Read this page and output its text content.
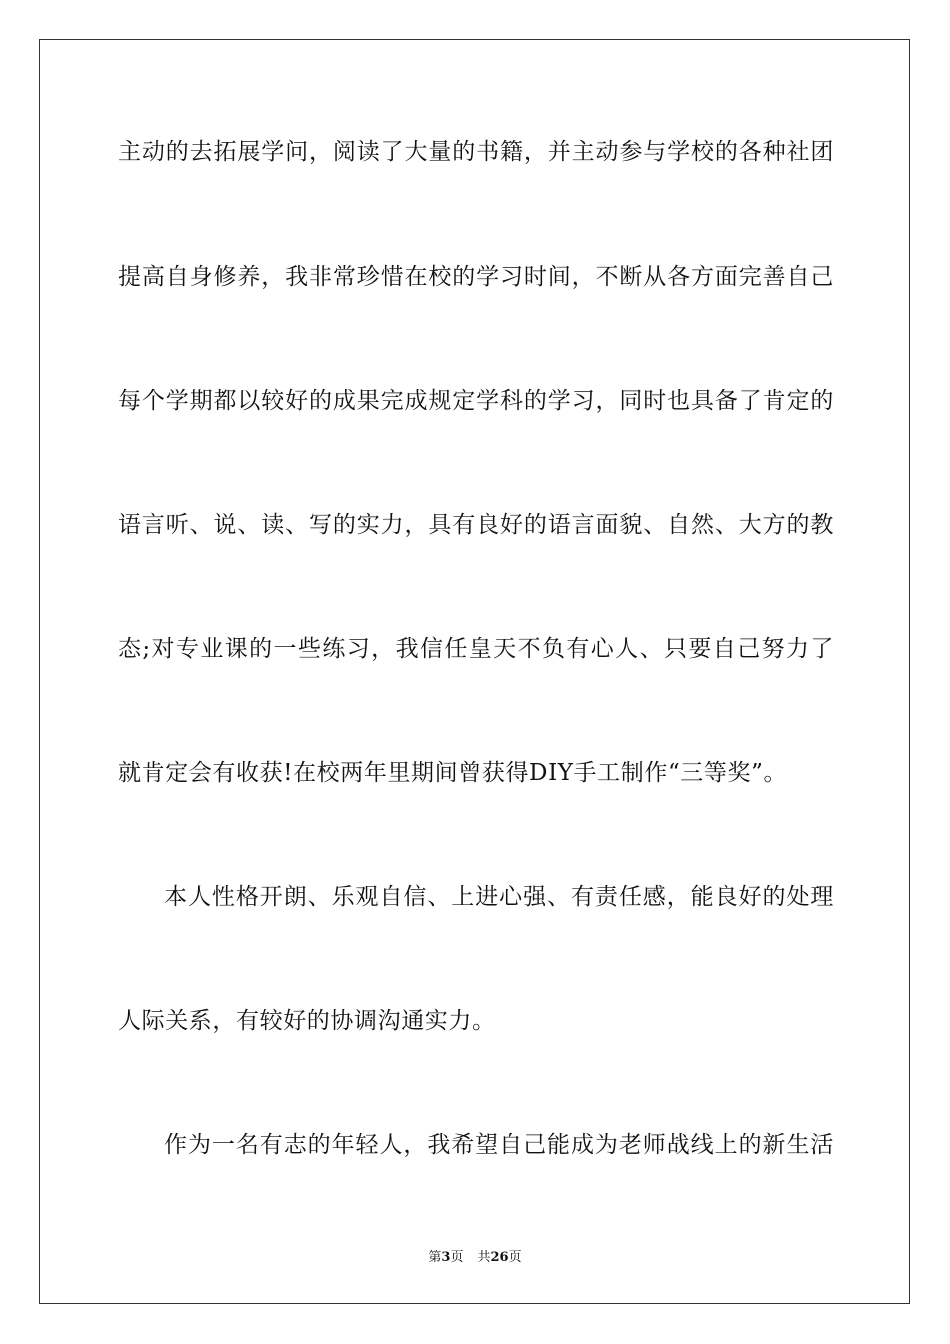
主动的去拓展学问，阅读了大量的书籍，并主动参与学校的各种社团
提高自身修养，我非常珍惜在校的学习时间，不断从各方面完善自己
每个学期都以较好的成果完成规定学科的学习，同时也具备了肯定的
语言听、说、读、写的实力，具有良好的语言面貌、自然、大方的教
态;对专业课的一些练习，我信任皇天不负有心人、只要自己努力了
就肯定会有收获!在校两年里期间曾获得DIY手工制作“三等奖”。
本人性格开朗、乐观自信、上进心强、有责任感，能良好的处理
人际关系，有较好的协调沟通实力。
作为一名有志的年轻人，我希望自己能成为老师战线上的新生活
第3页 共26页
